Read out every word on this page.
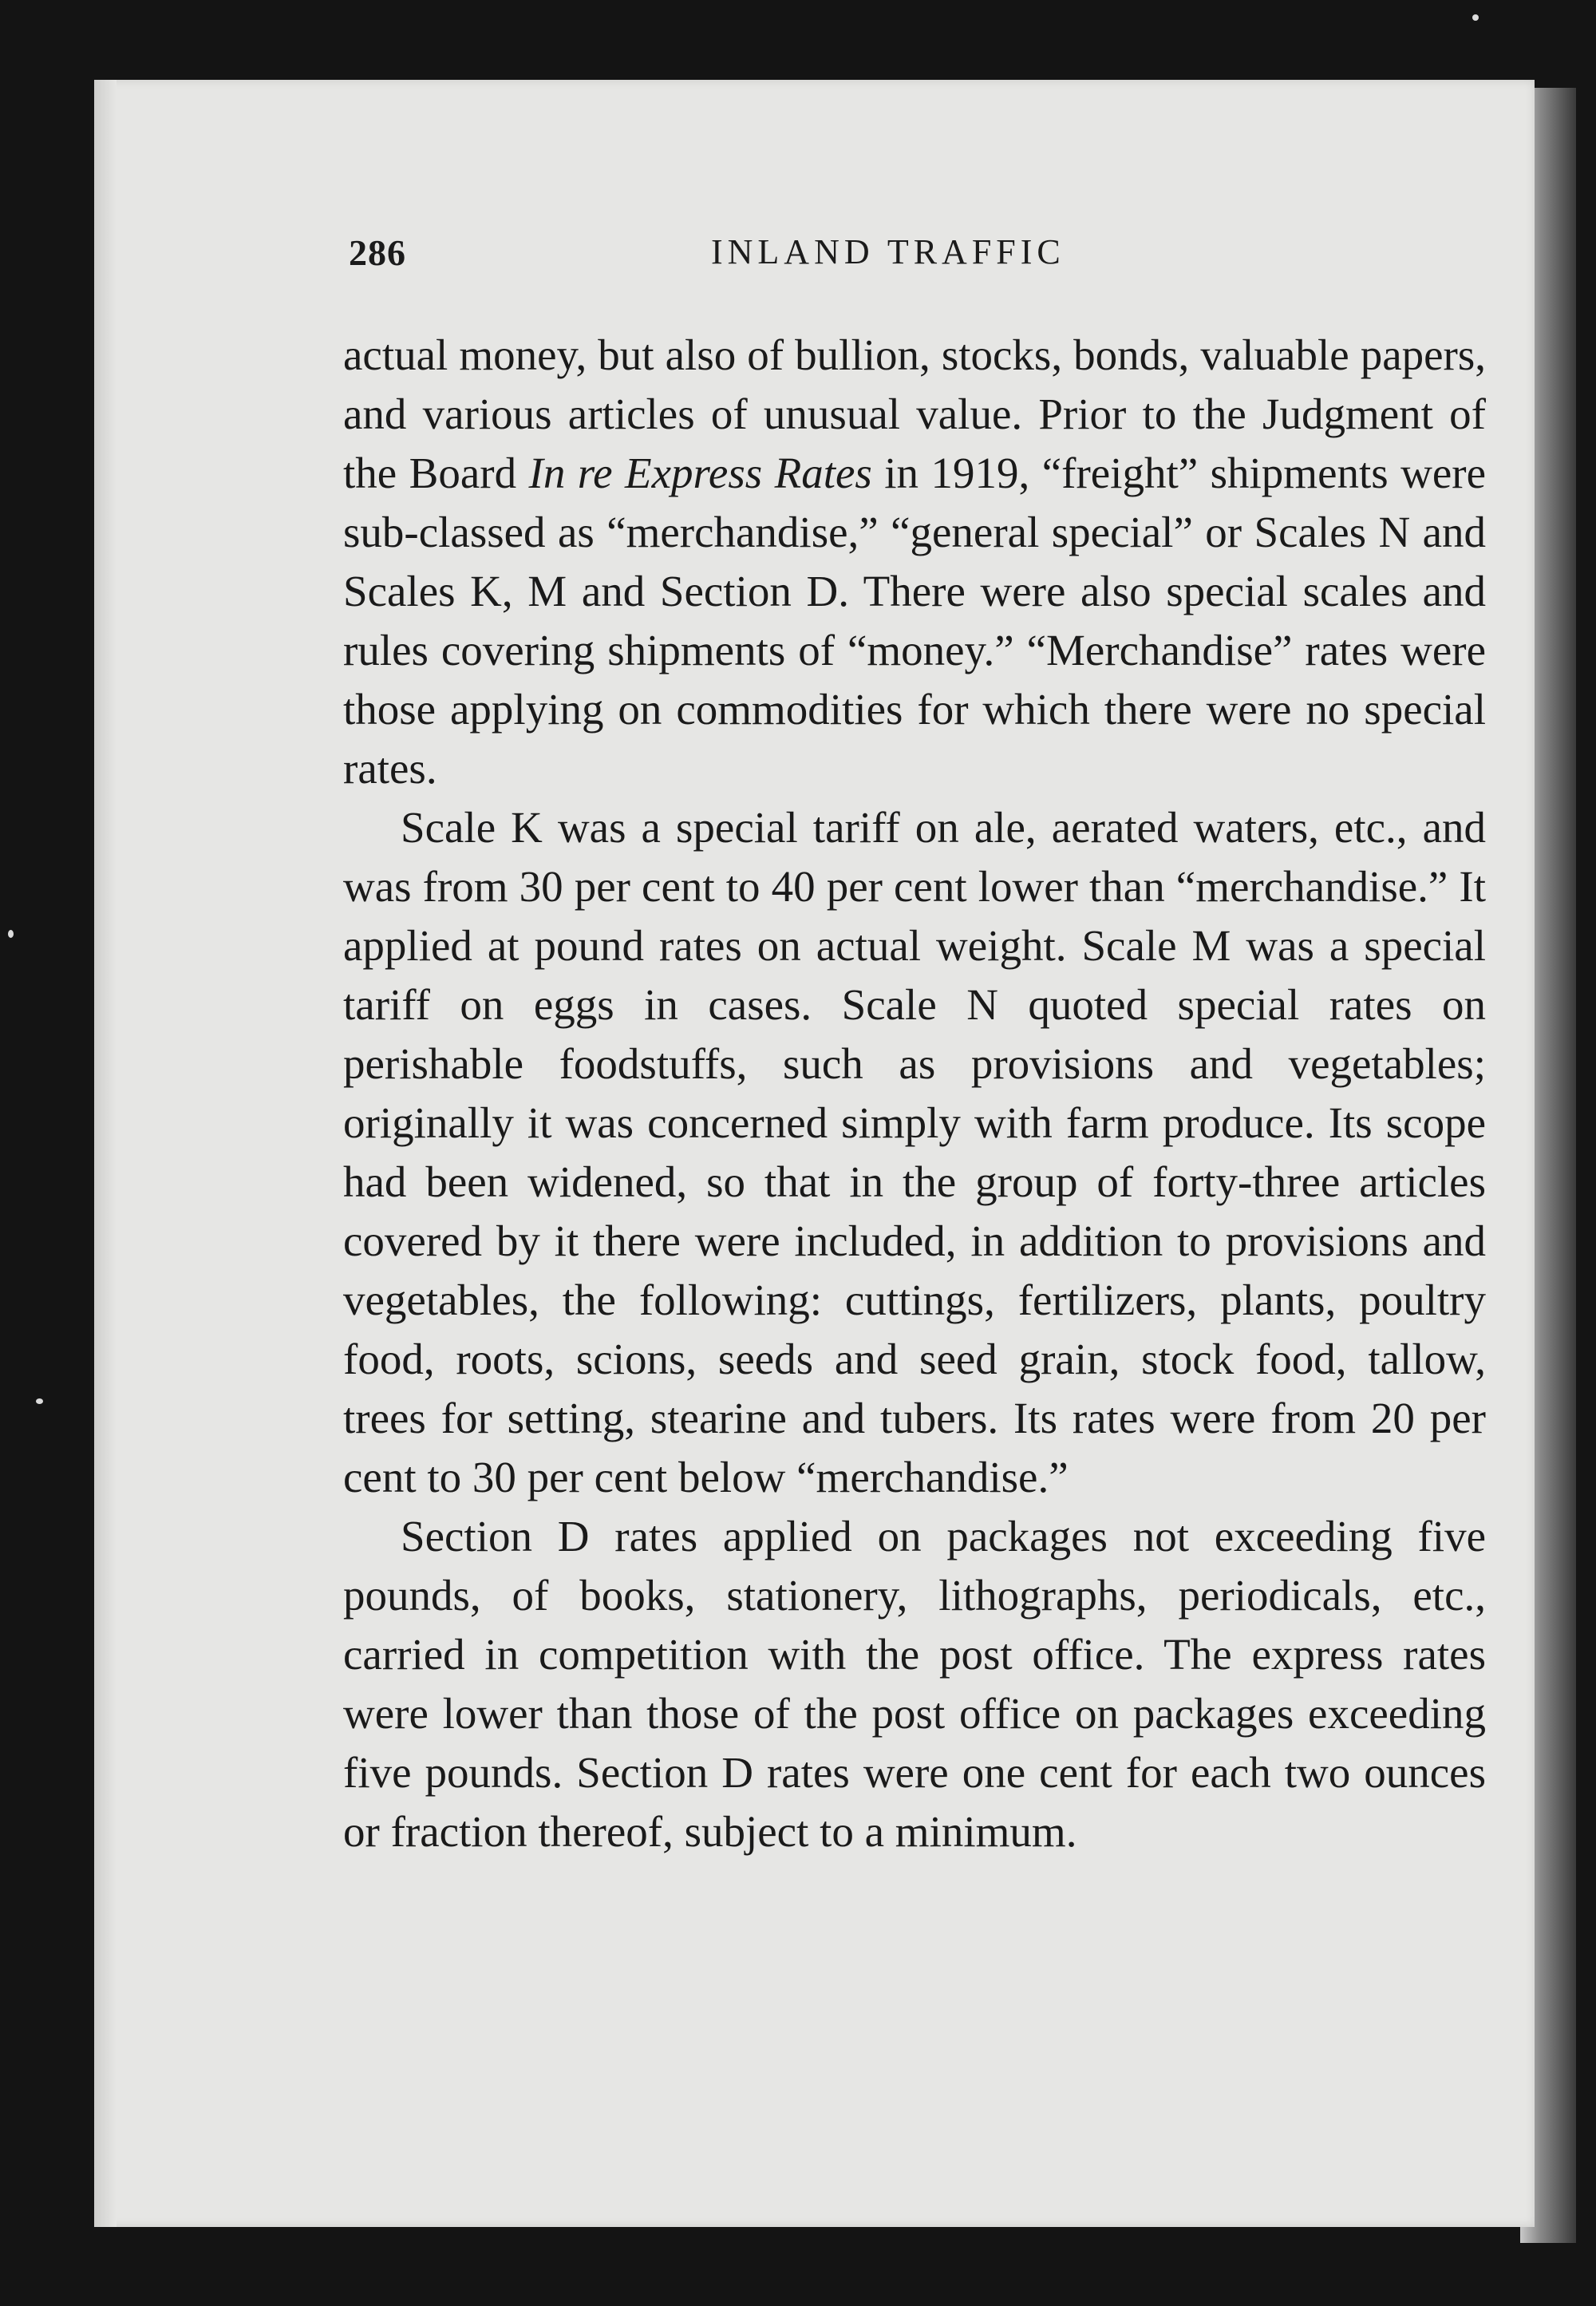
286	INLAND TRAFFIC

actual money, but also of bullion, stocks, bonds, valuable papers, and various articles of unusual value. Prior to the Judgment of the Board In re Express Rates in 1919, “freight” shipments were sub-classed as “merchandise,” “general special” or Scales N and Scales K, M and Section D. There were also special scales and rules covering shipments of “money.” “Merchandise” rates were those applying on commodities for which there were no special rates.

Scale K was a special tariff on ale, aerated waters, etc., and was from 30 per cent to 40 per cent lower than “merchandise.” It applied at pound rates on actual weight. Scale M was a special tariff on eggs in cases. Scale N quoted special rates on perishable foodstuffs, such as provisions and vegetables; originally it was concerned simply with farm produce. Its scope had been widened, so that in the group of forty-three articles covered by it there were included, in addition to provisions and vegetables, the following: cuttings, fertilizers, plants, poultry food, roots, scions, seeds and seed grain, stock food, tallow, trees for setting, stearine and tubers. Its rates were from 20 per cent to 30 per cent below “merchandise.”

Section D rates applied on packages not exceeding five pounds, of books, stationery, lithographs, periodicals, etc., carried in competition with the post office. The express rates were lower than those of the post office on packages exceeding five pounds. Section D rates were one cent for each two ounces or fraction thereof, subject to a minimum.
